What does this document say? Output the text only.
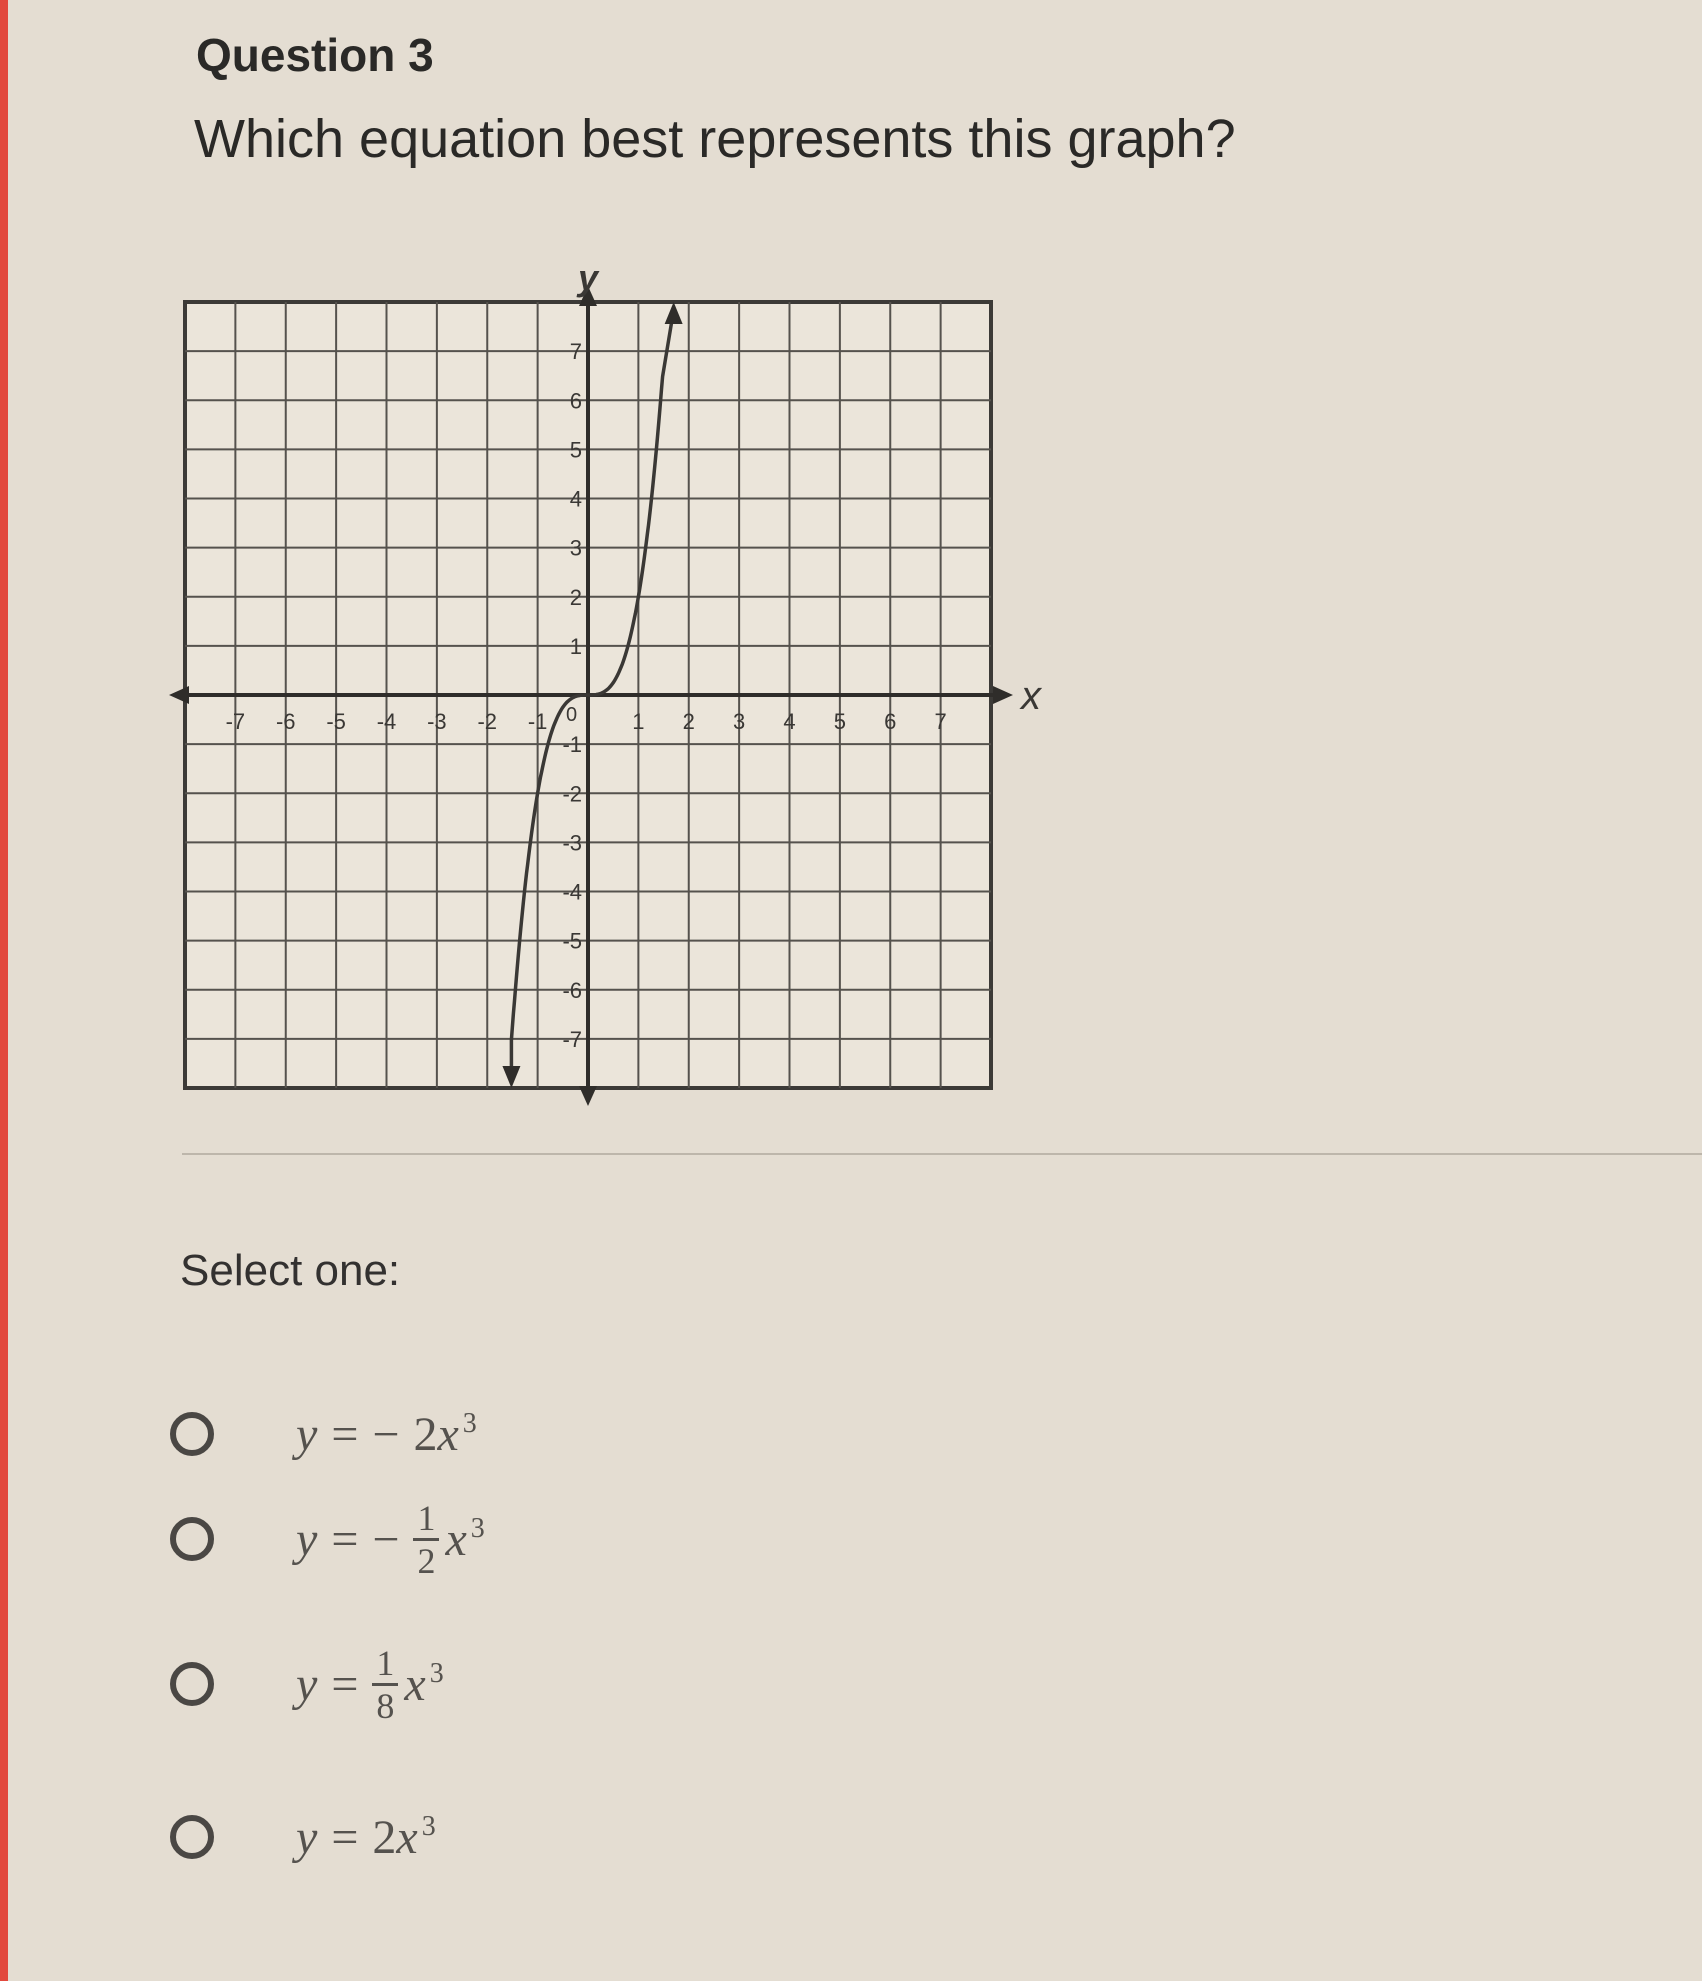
Question 3
Which equation best represents this graph?
-7 -6 -5 -4 -3 -2 -1	1 2 3 4 5 6 7
7
6
5
4
3
2
1
-1
-2
-3
-4
-5
-6
-7
x
y
0
Select one:
y = − 2 $x^3$
y = − $\frac{1}{2} x^3$
$y = \frac{1}{8} x^3$
y = 2 $x^3$
